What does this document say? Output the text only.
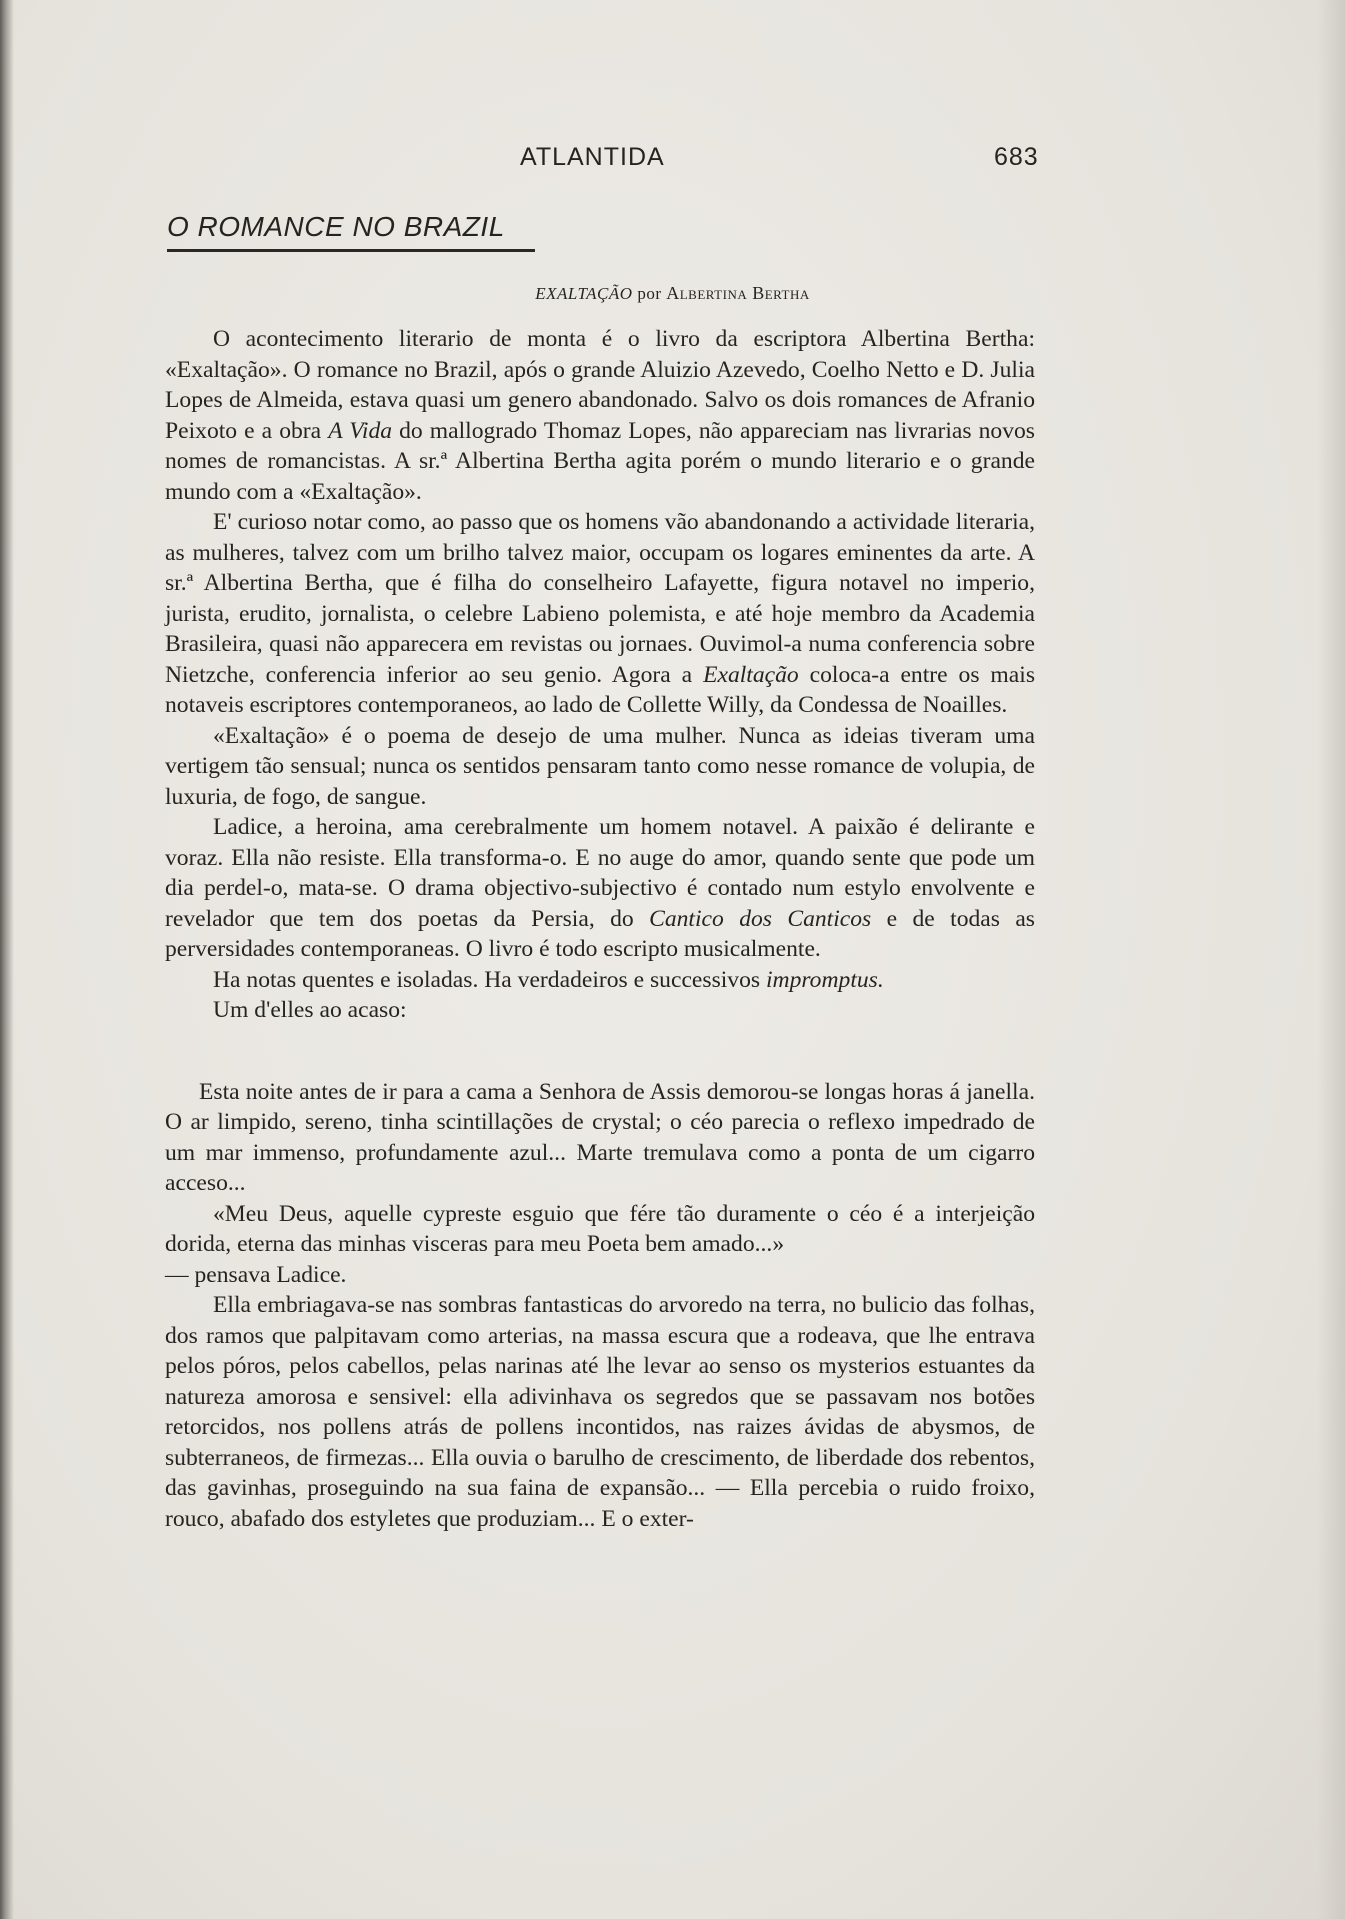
ATLANTIDA	683
O ROMANCE NO BRAZIL
EXALTAÇÃO por Albertina Bertha

O acontecimento literario de monta é o livro da escriptora Albertina Bertha: «Exaltação». O romance no Brazil, após o grande Aluizio Azevedo, Coelho Netto e D. Julia Lopes de Almeida, estava quasi um genero abandonado. Salvo os dois romances de Afranio Peixoto e a obra A Vida do mallogrado Thomaz Lopes, não appareciam nas livrarias novos nomes de romancistas. A sr.ª Albertina Bertha agita porém o mundo literario e o grande mundo com a «Exaltação».

E' curioso notar como, ao passo que os homens vão abandonando a actividade literaria, as mulheres, talvez com um brilho talvez maior, occupam os logares eminentes da arte. A sr.ª Albertina Bertha, que é filha do conselheiro Lafayette, figura notavel no imperio, jurista, erudito, jornalista, o celebre Labieno polemista, e até hoje membro da Academia Brasileira, quasi não apparecera em revistas ou jornaes. Ouvimol-a numa conferencia sobre Nietzche, conferencia inferior ao seu genio. Agora a Exaltação coloca-a entre os mais notaveis escriptores contemporaneos, ao lado de Collette Willy, da Condessa de Noailles.

«Exaltação» é o poema de desejo de uma mulher. Nunca as ideias tiveram uma vertigem tão sensual; nunca os sentidos pensaram tanto como nesse romance de volupia, de luxuria, de fogo, de sangue.

Ladice, a heroina, ama cerebralmente um homem notavel. A paixão é delirante e voraz. Ella não resiste. Ella transforma-o. E no auge do amor, quando sente que pode um dia perdel-o, mata-se. O drama objectivo-subjectivo é contado num estylo envolvente e revelador que tem dos poetas da Persia, do Cantico dos Canticos e de todas as perversidades contemporaneas. O livro é todo escripto musicalmente.

Ha notas quentes e isoladas. Ha verdadeiros e successivos impromptus.

Um d'elles ao acaso:

Esta noite antes de ir para a cama a Senhora de Assis demorou-se longas horas á janella. O ar limpido, sereno, tinha scintillações de crystal; o céo parecia o reflexo impedrado de um mar immenso, profundamente azul... Marte tremulava como a ponta de um cigarro acceso...

«Meu Deus, aquelle cypreste esguio que fére tão duramente o céo é a interjeição dorida, eterna das minhas visceras para meu Poeta bem amado...»

— pensava Ladice.

Ella embriagava-se nas sombras fantasticas do arvoredo na terra, no bulicio das folhas, dos ramos que palpitavam como arterias, na massa escura que a rodeava, que lhe entrava pelos póros, pelos cabellos, pelas narinas até lhe levar ao senso os mysterios estuantes da natureza amorosa e sensivel: ella adivinhava os segredos que se passavam nos botões retorcidos, nos pollens atrás de pollens incontidos, nas raizes ávidas de abysmos, de subterraneos, de firmezas... Ella ouvia o barulho de crescimento, de liberdade dos rebentos, das gavinhas, proseguindo na sua faina de expansão... — Ella percebia o ruido froixo, rouco, abafado dos estyletes que produziam... E o exter-
